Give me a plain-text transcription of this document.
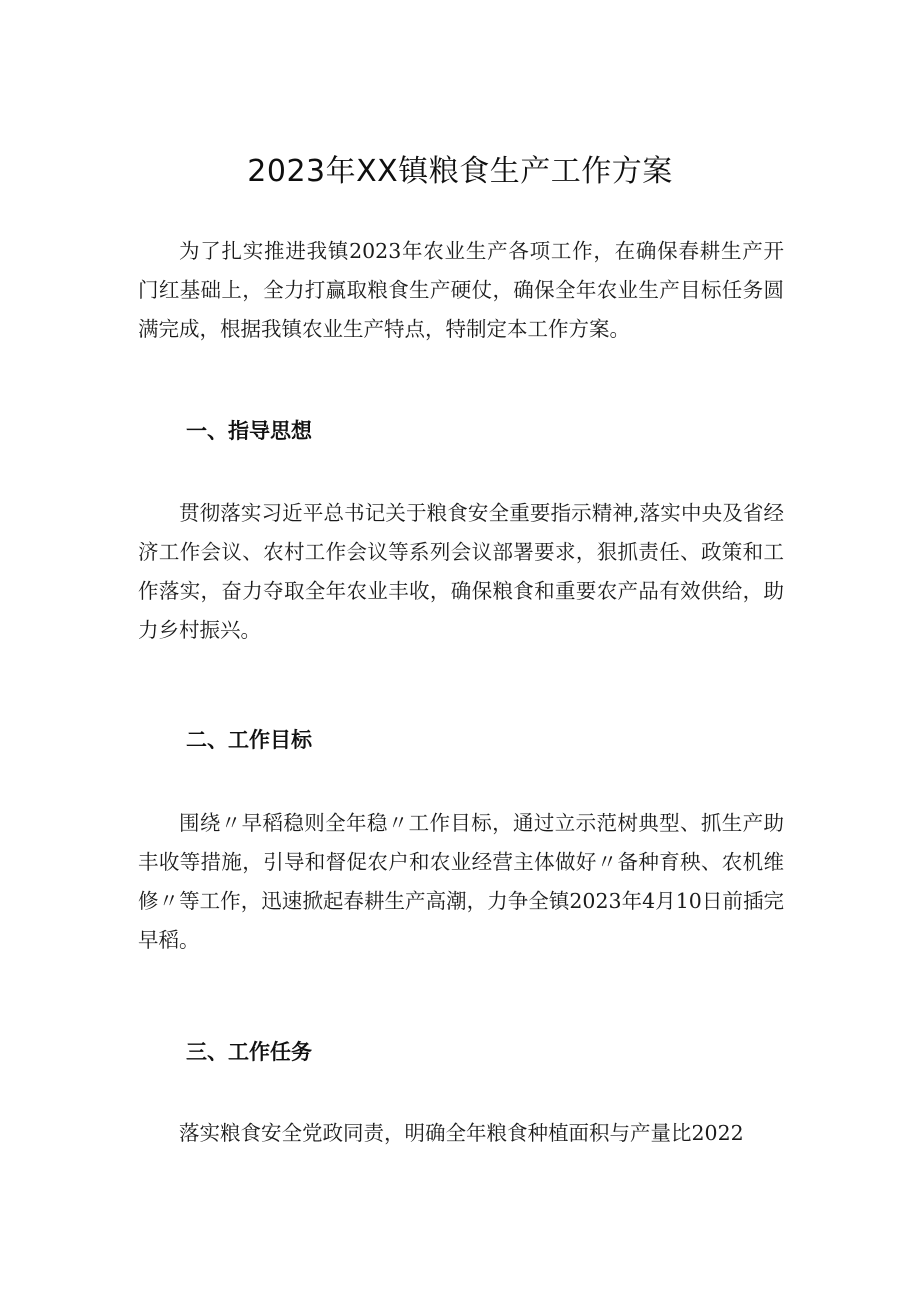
2023年XX镇粮食生产工作方案

为了扎实推进我镇2023年农业生产各项工作，在确保春耕生产开门红基础上，全力打赢取粮食生产硬仗，确保全年农业生产目标任务圆满完成，根据我镇农业生产特点，特制定本工作方案。

一、指导思想

贯彻落实习近平总书记关于粮食安全重要指示精神,落实中央及省经济工作会议、农村工作会议等系列会议部署要求，狠抓责任、政策和工作落实，奋力夺取全年农业丰收，确保粮食和重要农产品有效供给，助力乡村振兴。

二、工作目标

围绕〃早稻稳则全年稳〃工作目标，通过立示范树典型、抓生产助丰收等措施，引导和督促农户和农业经营主体做好〃备种育秧、农机维修〃等工作，迅速掀起春耕生产高潮，力争全镇2023年4月10日前插完早稻。

三、工作任务

落实粮食安全党政同责，明确全年粮食种植面积与产量比2022
